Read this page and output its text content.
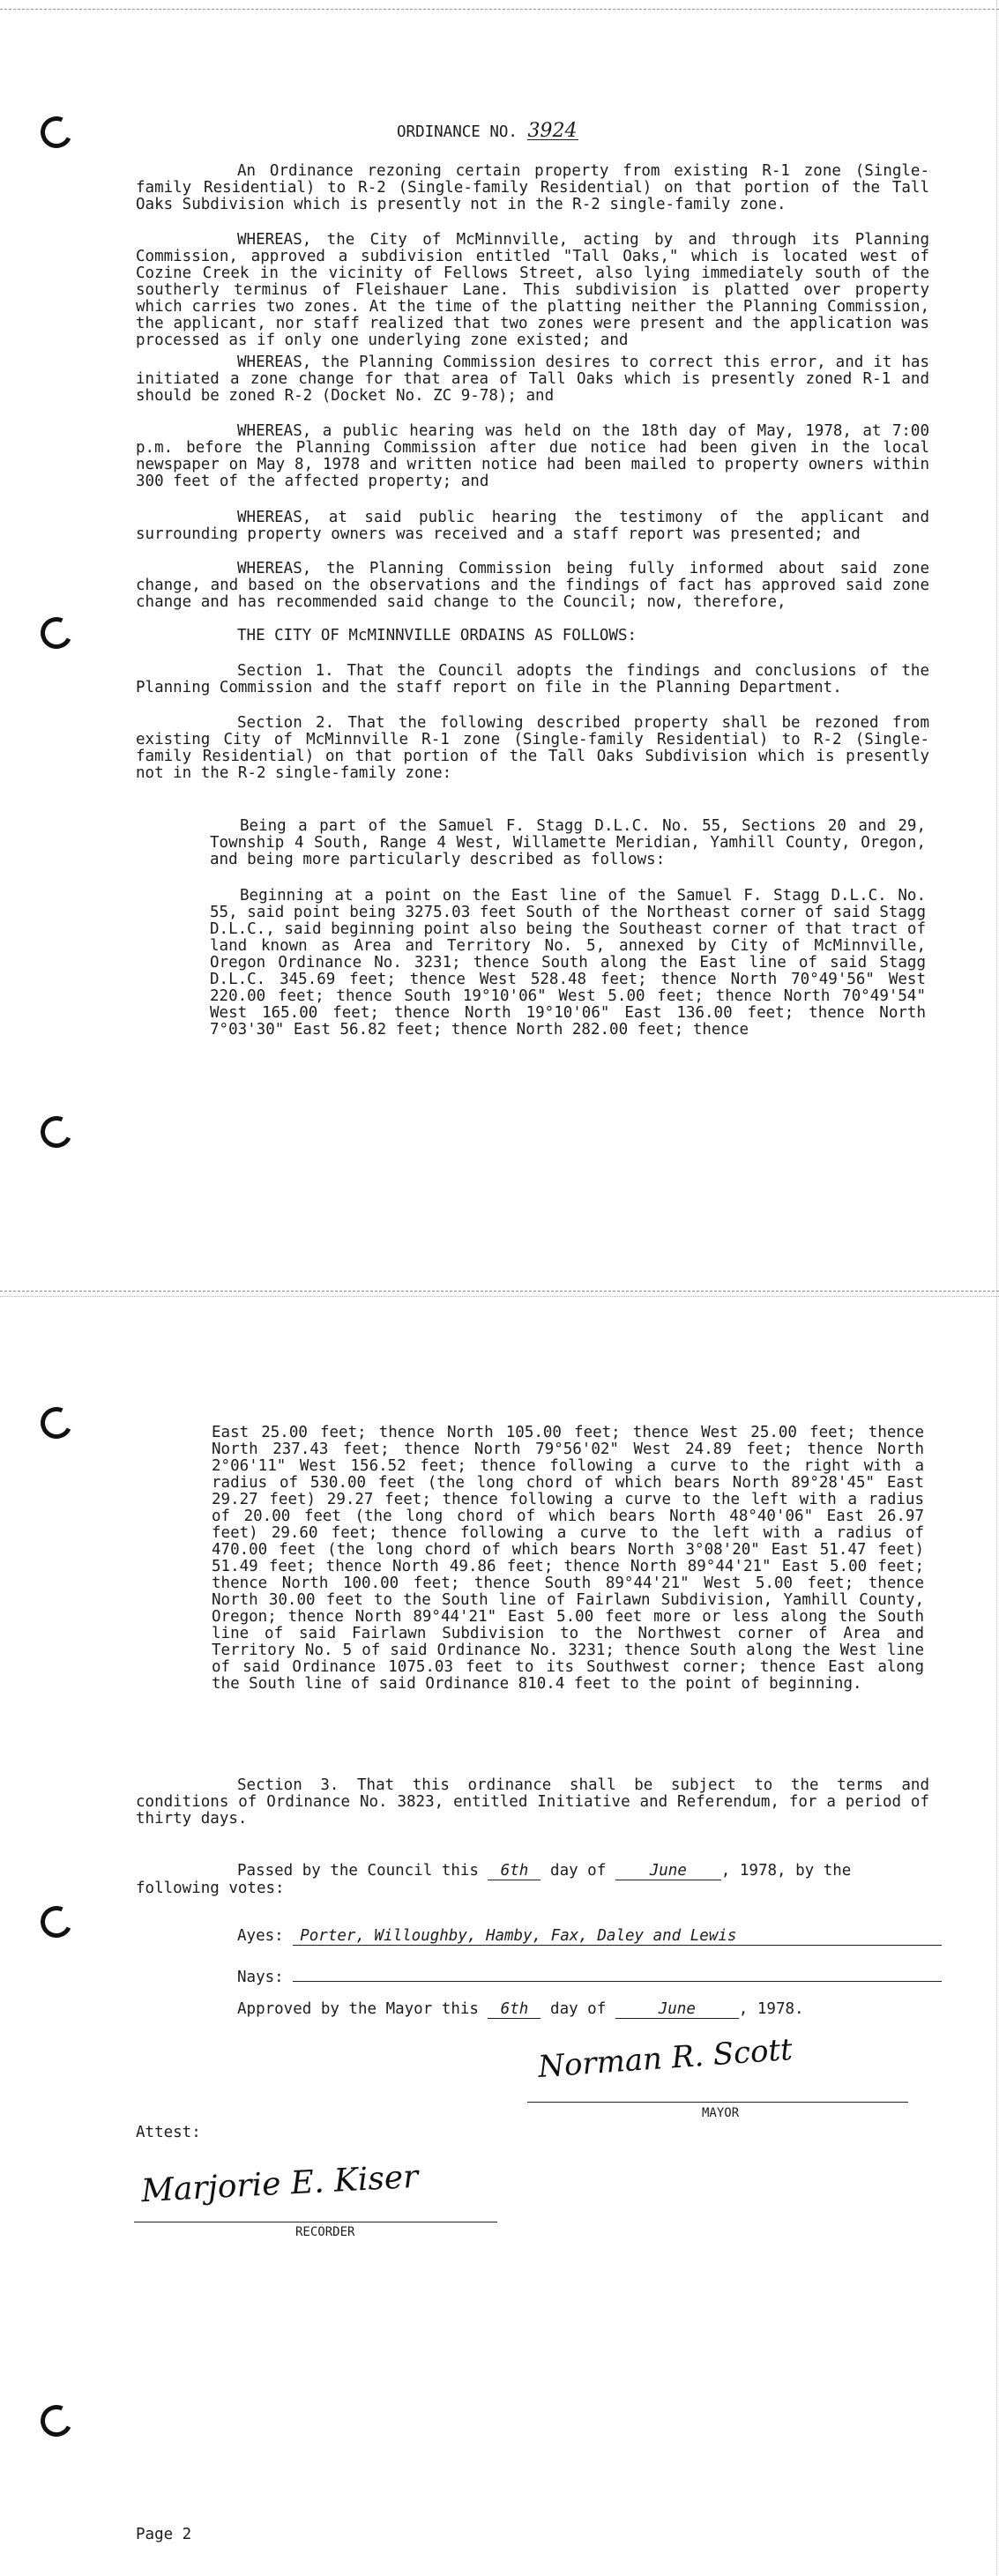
ORDINANCE NO. 3924

An Ordinance rezoning certain property from existing R-1 zone (Single-family Residential) to R-2 (Single-family Residential) on that portion of the Tall Oaks Subdivision which is presently not in the R-2 single-family zone.

WHEREAS, the City of McMinnville, acting by and through its Planning Commission, approved a subdivision entitled "Tall Oaks," which is located west of Cozine Creek in the vicinity of Fellows Street, also lying immediately south of the southerly terminus of Fleishauer Lane. This subdivision is platted over property which carries two zones. At the time of the platting neither the Planning Commission, the applicant, nor staff realized that two zones were present and the application was processed as if only one underlying zone existed; and

WHEREAS, the Planning Commission desires to correct this error, and it has initiated a zone change for that area of Tall Oaks which is presently zoned R-1 and should be zoned R-2 (Docket No. ZC 9-78); and

WHEREAS, a public hearing was held on the 18th day of May, 1978, at 7:00 p.m. before the Planning Commission after due notice had been given in the local newspaper on May 8, 1978 and written notice had been mailed to property owners within 300 feet of the affected property; and

WHEREAS, at said public hearing the testimony of the applicant and surrounding property owners was received and a staff report was presented; and

WHEREAS, the Planning Commission being fully informed about said zone change, and based on the observations and the findings of fact has approved said zone change and has recommended said change to the Council; now, therefore,

THE CITY OF McMINNVILLE ORDAINS AS FOLLOWS:

Section 1. That the Council adopts the findings and conclusions of the Planning Commission and the staff report on file in the Planning Department.

Section 2. That the following described property shall be rezoned from existing City of McMinnville R-1 zone (Single-family Residential) to R-2 (Single-family Residential) on that portion of the Tall Oaks Subdivision which is presently not in the R-2 single-family zone:

Being a part of the Samuel F. Stagg D.L.C. No. 55, Sections 20 and 29, Township 4 South, Range 4 West, Willamette Meridian, Yamhill County, Oregon, and being more particularly described as follows:

Beginning at a point on the East line of the Samuel F. Stagg D.L.C. No. 55, said point being 3275.03 feet South of the Northeast corner of said Stagg D.L.C., said beginning point also being the Southeast corner of that tract of land known as Area and Territory No. 5, annexed by City of McMinnville, Oregon Ordinance No. 3231; thence South along the East line of said Stagg D.L.C. 345.69 feet; thence West 528.48 feet; thence North 70°49'56" West 220.00 feet; thence South 19°10'06" West 5.00 feet; thence North 70°49'54" West 165.00 feet; thence North 19°10'06" East 136.00 feet; thence North 7°03'30" East 56.82 feet; thence North 282.00 feet; thence

East 25.00 feet; thence North 105.00 feet; thence West 25.00 feet; thence North 237.43 feet; thence North 79°56'02" West 24.89 feet; thence North 2°06'11" West 156.52 feet; thence following a curve to the right with a radius of 530.00 feet (the long chord of which bears North 89°28'45" East 29.27 feet) 29.27 feet; thence following a curve to the left with a radius of 20.00 feet (the long chord of which bears North 48°40'06" East 26.97 feet) 29.60 feet; thence following a curve to the left with a radius of 470.00 feet (the long chord of which bears North 3°08'20" East 51.47 feet) 51.49 feet; thence North 49.86 feet; thence North 89°44'21" East 5.00 feet; thence North 100.00 feet; thence South 89°44'21" West 5.00 feet; thence North 30.00 feet to the South line of Fairlawn Subdivision, Yamhill County, Oregon; thence North 89°44'21" East 5.00 feet more or less along the South line of said Fairlawn Subdivision to the Northwest corner of Area and Territory No. 5 of said Ordinance No. 3231; thence South along the West line of said Ordinance 1075.03 feet to its Southwest corner; thence East along the South line of said Ordinance 810.4 feet to the point of beginning.

Section 3. That this ordinance shall be subject to the terms and conditions of Ordinance No. 3823, entitled Initiative and Referendum, for a period of thirty days.

Passed by the Council this 6th day of	June , 1978, by the following votes:
Ayes: Porter, Willoughby, Hamby, Fax, Daley and Lewis
Nays:
Approved by the Mayor this 6th day of	June	, 1978.
Norman R. Scott
MAYOR
Attest:
Marjorie E. Kiser
RECORDER
Page 2
